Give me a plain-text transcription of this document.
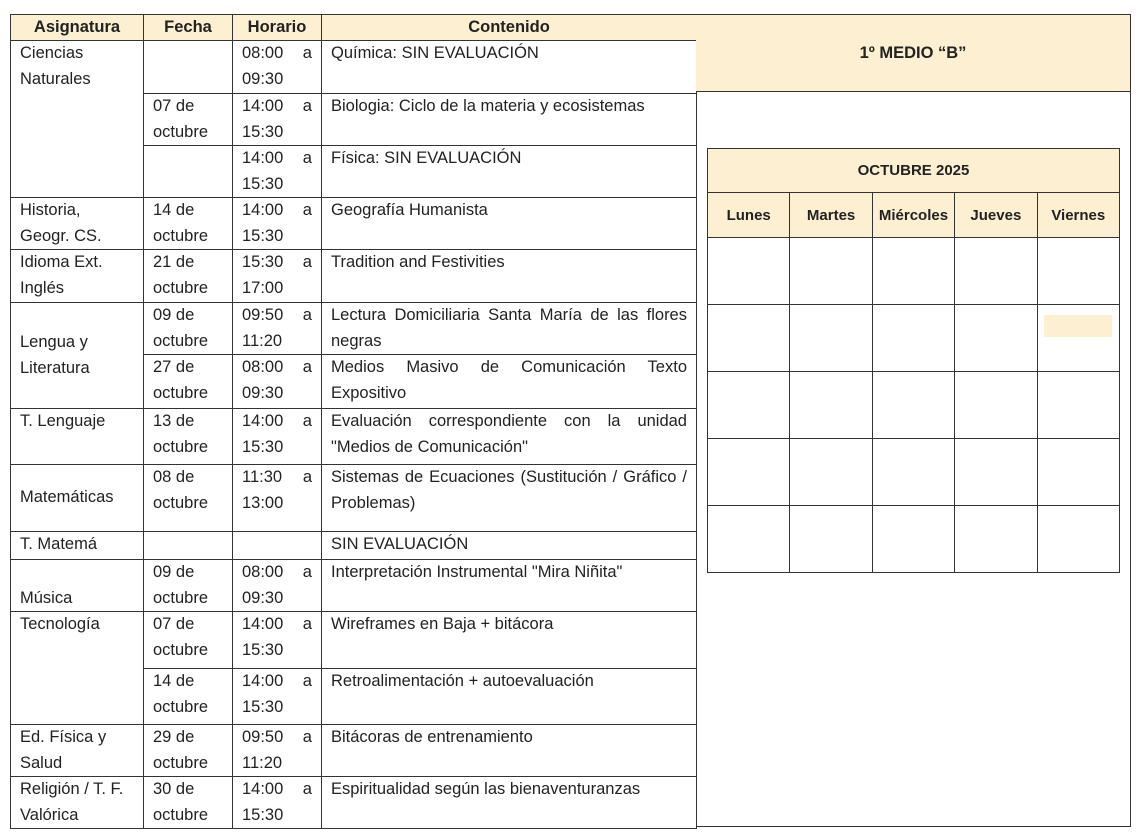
Asignatura	Fecha	Horario	Contenido
Ciencias Naturales		08:00 a 09:30	Química: SIN EVALUACIÓN
	07 de octubre	14:00 a 15:30	Biologia: Ciclo de la materia y ecosistemas
		14:00 a 15:30	Física: SIN EVALUACIÓN
Historia, Geogr. CS.	14 de octubre	14:00 a 15:30	Geografía Humanista
Idioma Ext. Inglés	21 de octubre	15:30 a 17:00	Tradition and Festivities
Lengua y Literatura	09 de octubre	09:50 a 11:20	Lectura Domiciliaria Santa María de las flores negras
	27 de octubre	08:00 a 09:30	Medios Masivo de Comunicación Texto Expositivo
T. Lenguaje	13 de octubre	14:00 a 15:30	Evaluación correspondiente con la unidad "Medios de Comunicación"
Matemáticas	08 de octubre	11:30 a 13:00	Sistemas de Ecuaciones (Sustitución / Gráfico / Problemas)
T. Matemá			SIN EVALUACIÓN
Música	09 de octubre	08:00 a 09:30	Interpretación Instrumental "Mira Niñita"
Tecnología	07 de octubre	14:00 a 15:30	Wireframes en Baja + bitácora
	14 de octubre	14:00 a 15:30	Retroalimentación + autoevaluación
Ed. Física y Salud	29 de octubre	09:50 a 11:20	Bitácoras de entrenamiento
Religión / T. F. Valórica	30 de octubre	14:00 a 15:30	Espiritualidad según las bienaventuranzas
1º MEDIO “B”
OCTUBRE 2025				
Lunes	Martes	Miércoles	Jueves	Viernes
